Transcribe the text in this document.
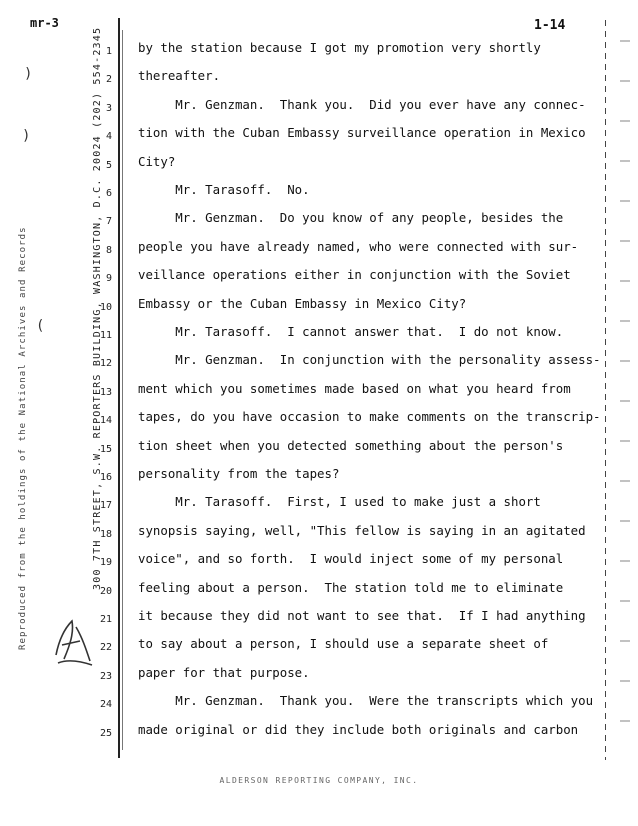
mr-3	1-14
)
)
(	300 7TH STREET, S.W. REPORTERS BUILDING, WASHINGTON, D.C. 20024 (202) 554-2345
Reproduced from the holdings of the National Archives and Records
1
2
3
4
5
6
7
8
9
10
11
12
13
14
15
16
17
18
19
20
21
22
23
24
25
by the station because I got my promotion very shortly
thereafter.
Mr. Genzman.  Thank you.  Did you ever have any connec-
tion with the Cuban Embassy surveillance operation in Mexico
City?
Mr. Tarasoff.  No.
Mr. Genzman.  Do you know of any people, besides the
people you have already named, who were connected with sur-
veillance operations either in conjunction with the Soviet
Embassy or the Cuban Embassy in Mexico City?
Mr. Tarasoff.  I cannot answer that.  I do not know.
Mr. Genzman.  In conjunction with the personality assess-
ment which you sometimes made based on what you heard from
tapes, do you have occasion to make comments on the transcrip-
tion sheet when you detected something about the person's
personality from the tapes?
Mr. Tarasoff.  First, I used to make just a short
synopsis saying, well, "This fellow is saying in an agitated
voice", and so forth.  I would inject some of my personal
feeling about a person.  The station told me to eliminate
it because they did not want to see that.  If I had anything
to say about a person, I should use a separate sheet of
paper for that purpose.
Mr. Genzman.  Thank you.  Were the transcripts which you
made original or did they include both originals and carbon
ALDERSON REPORTING COMPANY, INC.
